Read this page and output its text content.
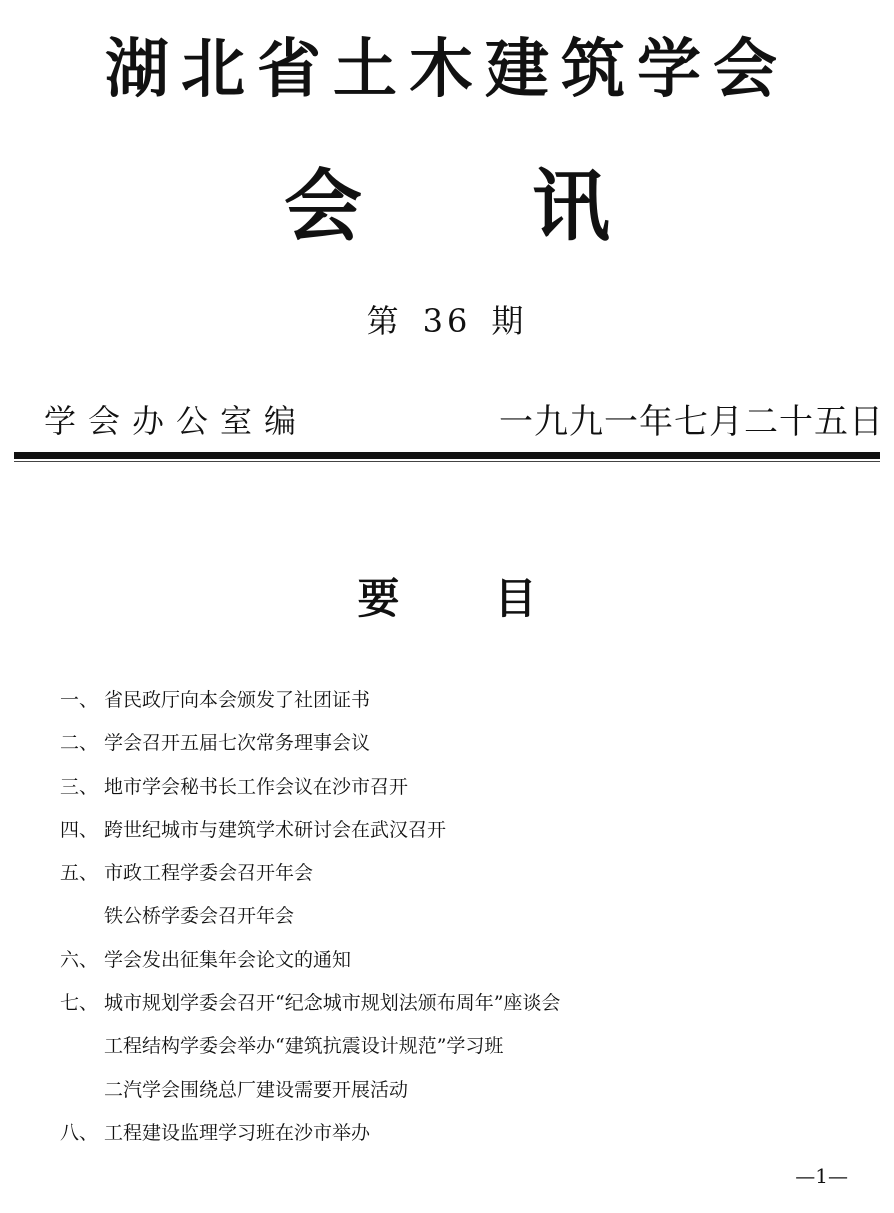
湖北省土木建筑学会
会 讯
第 36 期
学会办公室编	一九九一年七月二十五日
要 目
一、 省民政厅向本会颁发了社团证书
二、 学会召开五届七次常务理事会议
三、 地市学会秘书长工作会议在沙市召开
四、 跨世纪城市与建筑学术研讨会在武汉召开
五、 市政工程学委会召开年会
铁公桥学委会召开年会
六、 学会发出征集年会论文的通知
七、 城市规划学委会召开“纪念城市规划法颁布周年”座谈会
工程结构学委会举办“建筑抗震设计规范”学习班
二汽学会围绕总厂建设需要开展活动
八、 工程建设监理学习班在沙市举办
—1—
